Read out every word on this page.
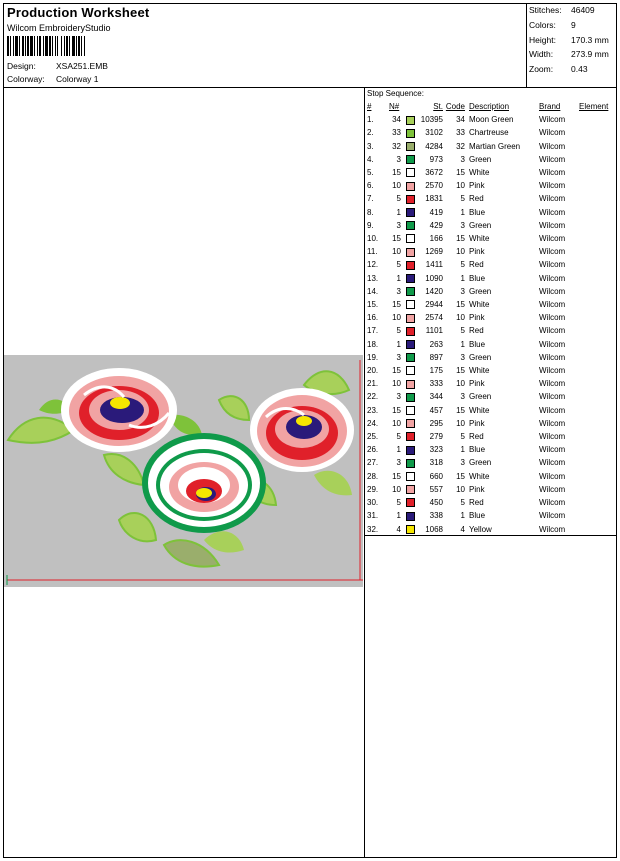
Production Worksheet
Wilcom EmbroideryStudio
Design: XSA251.EMB
Colorway: Colorway 1
Stitches:	46409
Colors:	9
Height:	170.3 mm
Width:	273.9 mm
Zoom:	0.43
Stop Sequence:
#	N#		St.	Code	Description	Brand	Element
1.	34		10395	34	Moon Green	Wilcom	
2.	33		3102	33	Chartreuse	Wilcom	
3.	32		4284	32	Martian Green	Wilcom	
4.	3		973	3	Green	Wilcom	
5.	15		3672	15	White	Wilcom	
6.	10		2570	10	Pink	Wilcom	
7.	5		1831	5	Red	Wilcom	
8.	1		419	1	Blue	Wilcom	
9.	3		429	3	Green	Wilcom	
10.	15		166	15	White	Wilcom	
11.	10		1269	10	Pink	Wilcom	
12.	5		1411	5	Red	Wilcom	
13.	1		1090	1	Blue	Wilcom	
14.	3		1420	3	Green	Wilcom	
15.	15		2944	15	White	Wilcom	
16.	10		2574	10	Pink	Wilcom	
17.	5		1101	5	Red	Wilcom	
18.	1		263	1	Blue	Wilcom	
19.	3		897	3	Green	Wilcom	
20.	15		175	15	White	Wilcom	
21.	10		333	10	Pink	Wilcom	
22.	3		344	3	Green	Wilcom	
23.	15		457	15	White	Wilcom	
24.	10		295	10	Pink	Wilcom	
25.	5		279	5	Red	Wilcom	
26.	1		323	1	Blue	Wilcom	
27.	3		318	3	Green	Wilcom	
28.	15		660	15	White	Wilcom	
29.	10		557	10	Pink	Wilcom	
30.	5		450	5	Red	Wilcom	
31.	1		338	1	Blue	Wilcom	
32.	4		1068	4	Yellow	Wilcom	
